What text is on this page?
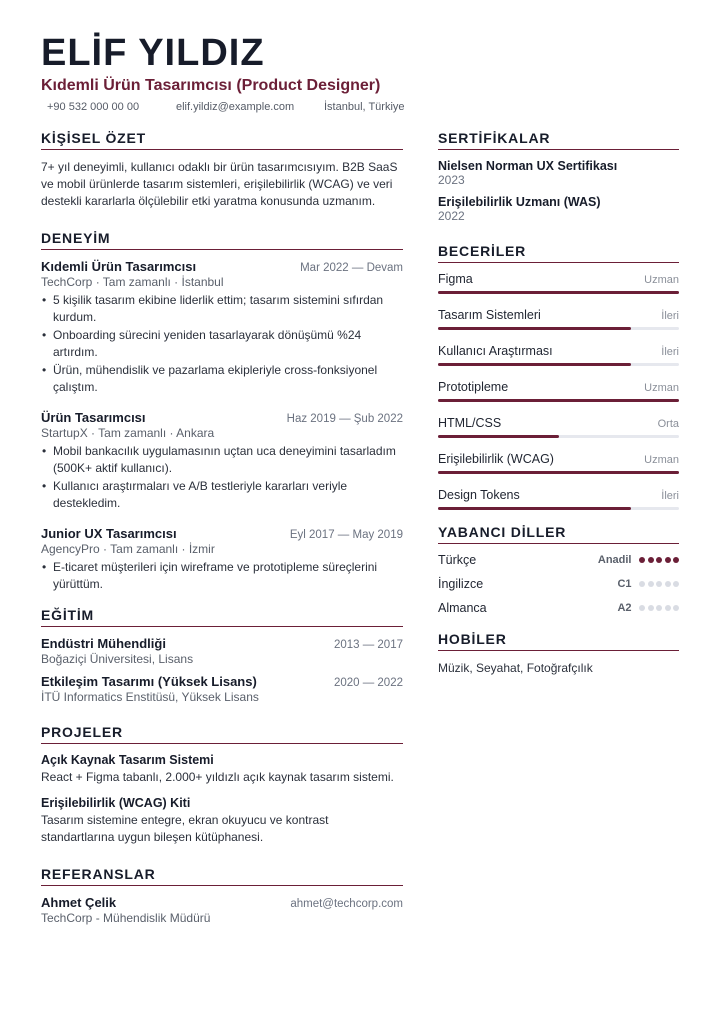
ELİF YILDIZ
Kıdemli Ürün Tasarımcısı (Product Designer)
+90 532 000 00 00	elif.yildiz@example.com	İstanbul, Türkiye
KİŞİSEL ÖZET
7+ yıl deneyimli, kullanıcı odaklı bir ürün tasarımcısıyım. B2B SaaS ve mobil ürünlerde tasarım sistemleri, erişilebilirlik (WCAG) ve veri destekli kararlarla ölçülebilir etki yaratma konusunda uzmanım.
DENEYİM
Kıdemli Ürün Tasarımcısı	Mar 2022 — Devam
TechCorp · Tam zamanlı · İstanbul
• 5 kişilik tasarım ekibine liderlik ettim; tasarım sistemini sıfırdan kurdum.
• Onboarding sürecini yeniden tasarlayarak dönüşümü %24 artırdım.
• Ürün, mühendislik ve pazarlama ekipleriyle cross-fonksiyonel çalıştım.
Ürün Tasarımcısı	Haz 2019 — Şub 2022
StartupX · Tam zamanlı · Ankara
• Mobil bankacılık uygulamasının uçtan uca deneyimini tasarladım (500K+ aktif kullanıcı).
• Kullanıcı araştırmaları ve A/B testleriyle kararları veriyle destekledim.
Junior UX Tasarımcısı	Eyl 2017 — May 2019
AgencyPro · Tam zamanlı · İzmir
• E-ticaret müşterileri için wireframe ve prototipleme süreçlerini yürüttüm.
EĞİTİM
Endüstri Mühendliği	2013 — 2017
Boğaziçi Üniversitesi, Lisans
Etkileşim Tasarımı (Yüksek Lisans)	2020 — 2022
İTÜ Informatics Enstitüsü, Yüksek Lisans
PROJELER
Açık Kaynak Tasarım Sistemi
React + Figma tabanlı, 2.000+ yıldızlı açık kaynak tasarım sistemi.
Erişilebilirlik (WCAG) Kiti
Tasarım sistemine entegre, ekran okuyucu ve kontrast standartlarına uygun bileşen kütüphanesi.
REFERANSLAR
Ahmet Çelik	ahmet@techcorp.com
TechCorp - Mühendislik Müdürü
SERTİFİKALAR
Nielsen Norman UX Sertifikası
2023
Erişilebilirlik Uzmanı (WAS)
2022
BECERİLER
Figma	Uzman
Tasarım Sistemleri	İleri
Kullanıcı Araştırması	İleri
Prototipleme	Uzman
HTML/CSS	Orta
Erişilebilirlik (WCAG)	Uzman
Design Tokens	İleri
YABANCI DİLLER
Türkçe	Anadil
İngilizce	C1
Almanca	A2
HOBİLER
Müzik, Seyahat, Fotoğrafçılık
